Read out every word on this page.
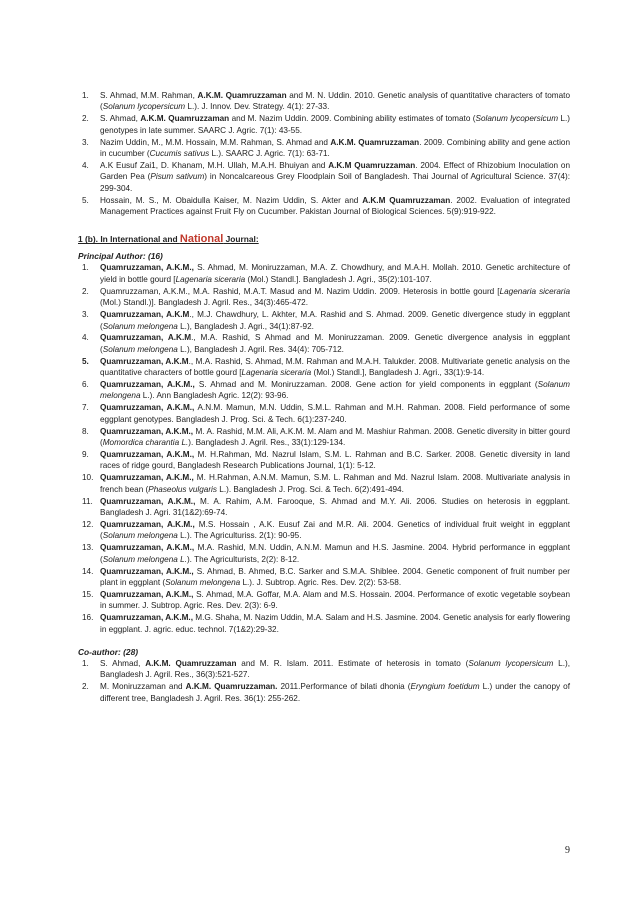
1. S. Ahmad, M.M. Rahman, A.K.M. Quamruzzaman and M. N. Uddin. 2010. Genetic analysis of quantitative characters of tomato (Solanum lycopersicum L.). J. Innov. Dev. Strategy. 4(1): 27-33.
2. S. Ahmad, A.K.M. Quamruzzaman and M. Nazim Uddin. 2009. Combining ability estimates of tomato (Solanum lycopersicum L.) genotypes in late summer. SAARC J. Agric. 7(1): 43-55.
3. Nazim Uddin, M., M.M. Hossain, M.M. Rahman, S. Ahmad and A.K.M. Quamruzzaman. 2009. Combining ability and gene action in cucumber (Cucumis sativus L.). SAARC J. Agric. 7(1): 63-71.
4. A.K Eusuf Zai1, D. Khanam, M.H. Ullah, M.A.H. Bhuiyan and A.K.M Quamruzzaman. 2004. Effect of Rhizobium Inoculation on Garden Pea (Pisum sativum) in Noncalcareous Grey Floodplain Soil of Bangladesh. Thai Journal of Agricultural Science. 37(4): 299-304.
5. Hossain, M. S., M. Obaidulla Kaiser, M. Nazim Uddin, S. Akter and A.K.M Quamruzzaman. 2002. Evaluation of integrated Management Practices against Fruit Fly on Cucumber. Pakistan Journal of Biological Sciences. 5(9):919-922.
1 (b). In International and National Journal:
Principal Author: (16)
1. Quamruzzaman, A.K.M., S. Ahmad, M. Moniruzzaman, M.A. Z. Chowdhury, and M.A.H. Mollah. 2010. Genetic architecture of yield in bottle gourd [Lagenaria siceraria (Mol.) Standl.]. Bangladesh J. Agri., 35(2):101-107.
2. Quamruzzaman, A.K.M., M.A. Rashid, M.A.T. Masud and M. Nazim Uddin. 2009. Heterosis in bottle gourd [Lagenaria siceraria (Mol.) Standl.)]. Bangladesh J. Agril. Res., 34(3):465-472.
3. Quamruzzaman, A.K.M., M.J. Chawdhury, L. Akhter, M.A. Rashid and S. Ahmad. 2009. Genetic divergence study in eggplant (Solanum melongena L.), Bangladesh J. Agri., 34(1):87-92.
4. Quamruzzaman, A.K.M., M.A. Rashid, S Ahmad and M. Moniruzzaman. 2009. Genetic divergence analysis in eggplant (Solanum melongena L.), Bangladesh J. Agril. Res. 34(4): 705-712.
5. Quamruzzaman, A.K.M., M.A. Rashid, S. Ahmad, M.M. Rahman and M.A.H. Talukder. 2008. Multivariate genetic analysis on the quantitative characters of bottle gourd [Lagenaria siceraria (Mol.) Standl.], Bangladesh J. Agri., 33(1):9-14.
6. Quamruzzaman, A.K.M., S. Ahmad and M. Moniruzzaman. 2008. Gene action for yield components in eggplant (Solanum melongena L.). Ann Bangladesh Agric. 12(2): 93-96.
7. Quamruzzaman, A.K.M., A.N.M. Mamun, M.N. Uddin, S.M.L. Rahman and M.H. Rahman. 2008. Field performance of some eggplant genotypes. Bangladesh J. Prog. Sci. & Tech. 6(1):237-240.
8. Quamruzzaman, A.K.M., M. A. Rashid, M.M. Ali, A.K.M. M. Alam and M. Mashiur Rahman. 2008. Genetic diversity in bitter gourd (Momordica charantia L.). Bangladesh J. Agril. Res., 33(1):129-134.
9. Quamruzzaman, A.K.M., M. H.Rahman, Md. Nazrul Islam, S.M. L. Rahman and B.C. Sarker. 2008. Genetic diversity in land races of ridge gourd, Bangladesh Research Publications Journal, 1(1): 5-12.
10. Quamruzzaman, A.K.M., M. H.Rahman, A.N.M. Mamun, S.M. L. Rahman and Md. Nazrul Islam. 2008. Multivariate analysis in french bean (Phaseolus vulgaris L.). Bangladesh J. Prog. Sci. & Tech. 6(2):491-494.
11. Quamruzzaman, A.K.M., M. A. Rahim, A.M. Farooque, S. Ahmad and M.Y. Ali. 2006. Studies on heterosis in eggplant. Bangladesh J. Agri. 31(1&2):69-74.
12. Quamruzzaman, A.K.M., M.S. Hossain , A.K. Eusuf Zai and M.R. Ali. 2004. Genetics of individual fruit weight in eggplant (Solanum melongena L.). The Agriculturiss. 2(1): 90-95.
13. Quamruzzaman, A.K.M., M.A. Rashid, M.N. Uddin, A.N.M. Mamun and H.S. Jasmine. 2004. Hybrid performance in eggplant (Solanum melongena L.). The Agriculturists, 2(2): 8-12.
14. Quamruzzaman, A.K.M., S. Ahmad, B. Ahmed, B.C. Sarker and S.M.A. Shiblee. 2004. Genetic component of fruit number per plant in eggplant (Solanum melongena L.). J. Subtrop. Agric. Res. Dev. 2(2): 53-58.
15. Quamruzzaman, A.K.M., S. Ahmad, M.A. Goffar, M.A. Alam and M.S. Hossain. 2004. Performance of exotic vegetable soybean in summer. J. Subtrop. Agric. Res. Dev. 2(3): 6-9.
16. Quamruzzaman, A.K.M., M.G. Shaha, M. Nazim Uddin, M.A. Salam and H.S. Jasmine. 2004. Genetic analysis for early flowering in eggplant. J. agric. educ. technol. 7(1&2):29-32.
Co-author: (28)
1. S. Ahmad, A.K.M. Quamruzzaman and M. R. Islam. 2011. Estimate of heterosis in tomato (Solanum lycopersicum L.), Bangladesh J. Agril. Res., 36(3):521-527.
2. M. Moniruzzaman and A.K.M. Quamruzzaman. 2011.Performance of bilati dhonia (Eryngium foetidum L.) under the canopy of different tree, Bangladesh J. Agril. Res. 36(1): 255-262.
9
